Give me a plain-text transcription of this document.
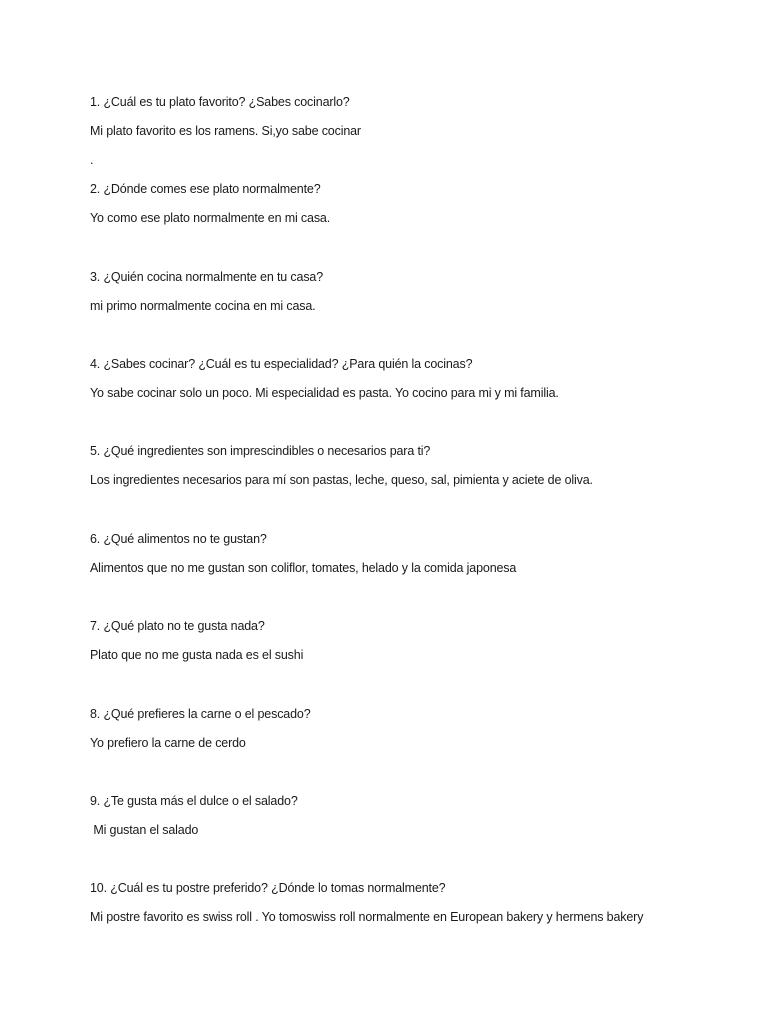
1. ¿Cuál es tu plato favorito? ¿Sabes cocinarlo?
Mi plato favorito es los ramens. Si,yo sabe cocinar
.
2. ¿Dónde comes ese plato normalmente?
Yo como ese plato normalmente en mi casa.
3. ¿Quién cocina normalmente en tu casa?
mi primo normalmente cocina en mi casa.
4. ¿Sabes cocinar? ¿Cuál es tu especialidad? ¿Para quién la cocinas?
Yo sabe cocinar solo un poco. Mi especialidad es pasta. Yo cocino para mi y mi familia.
5. ¿Qué ingredientes son imprescindibles o necesarios para ti?
Los ingredientes necesarios para mí son pastas, leche, queso, sal, pimienta y aciete de oliva.
6. ¿Qué alimentos no te gustan?
Alimentos que no me gustan son coliflor, tomates, helado y la comida japonesa
7. ¿Qué plato no te gusta nada?
Plato que no me gusta nada es el sushi
8. ¿Qué prefieres la carne o el pescado?
Yo prefiero la carne de cerdo
9. ¿Te gusta más el dulce o el salado?
Mi gustan el salado
10. ¿Cuál es tu postre preferido? ¿Dónde lo tomas normalmente?
Mi postre favorito es swiss roll . Yo tomoswiss roll normalmente en European bakery y hermens bakery
